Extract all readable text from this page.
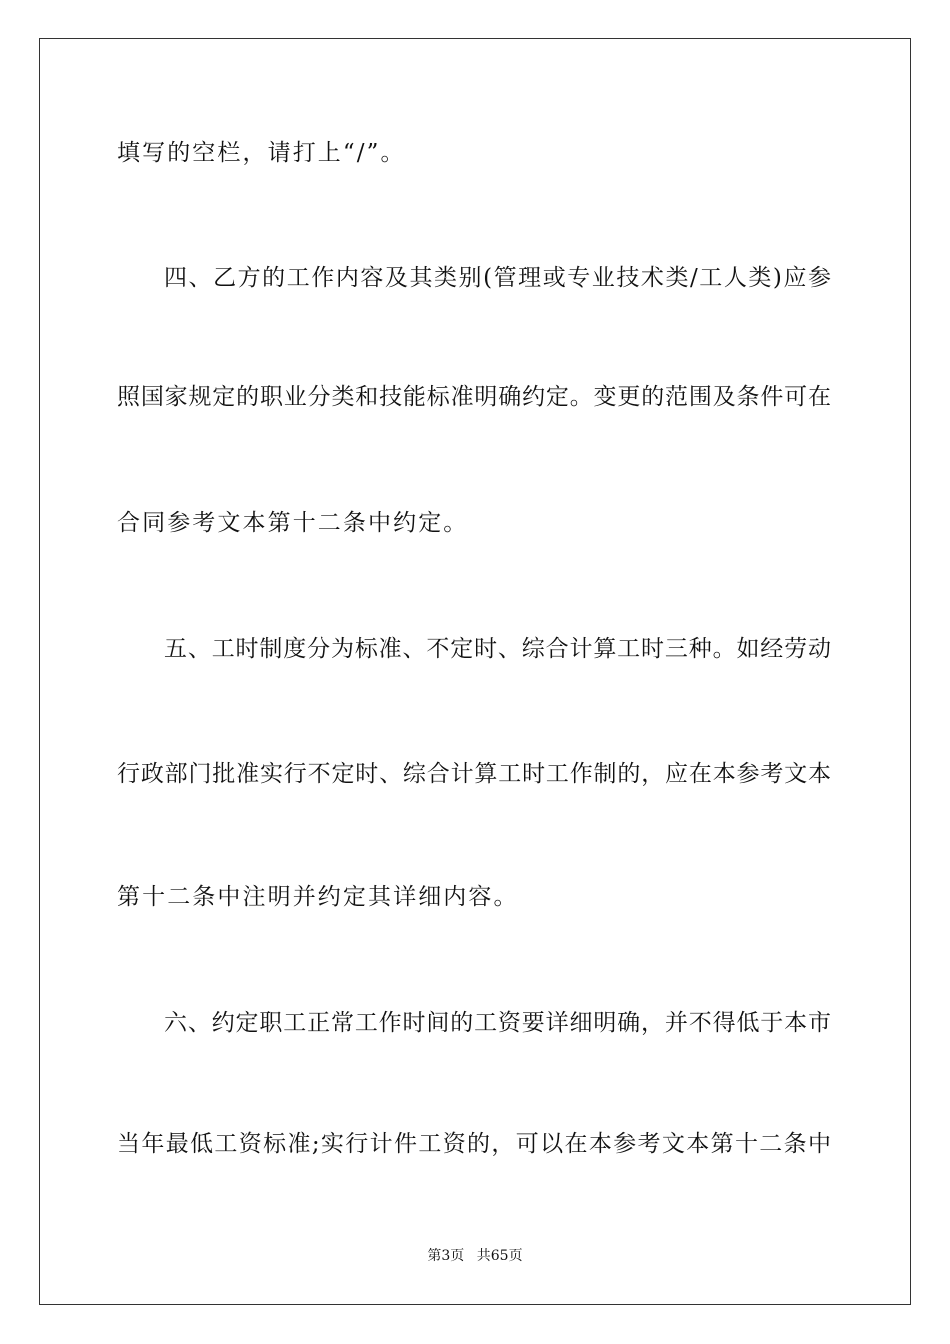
填写的空栏，请打上“/”。
四、乙方的工作内容及其类别(管理或专业技术类/工人类)应参
照国家规定的职业分类和技能标准明确约定。变更的范围及条件可在
合同参考文本第十二条中约定。
五、工时制度分为标准、不定时、综合计算工时三种。如经劳动
行政部门批准实行不定时、综合计算工时工作制的，应在本参考文本
第十二条中注明并约定其详细内容。
六、约定职工正常工作时间的工资要详细明确，并不得低于本市
当年最低工资标准;实行计件工资的，可以在本参考文本第十二条中
第3页 共65页
